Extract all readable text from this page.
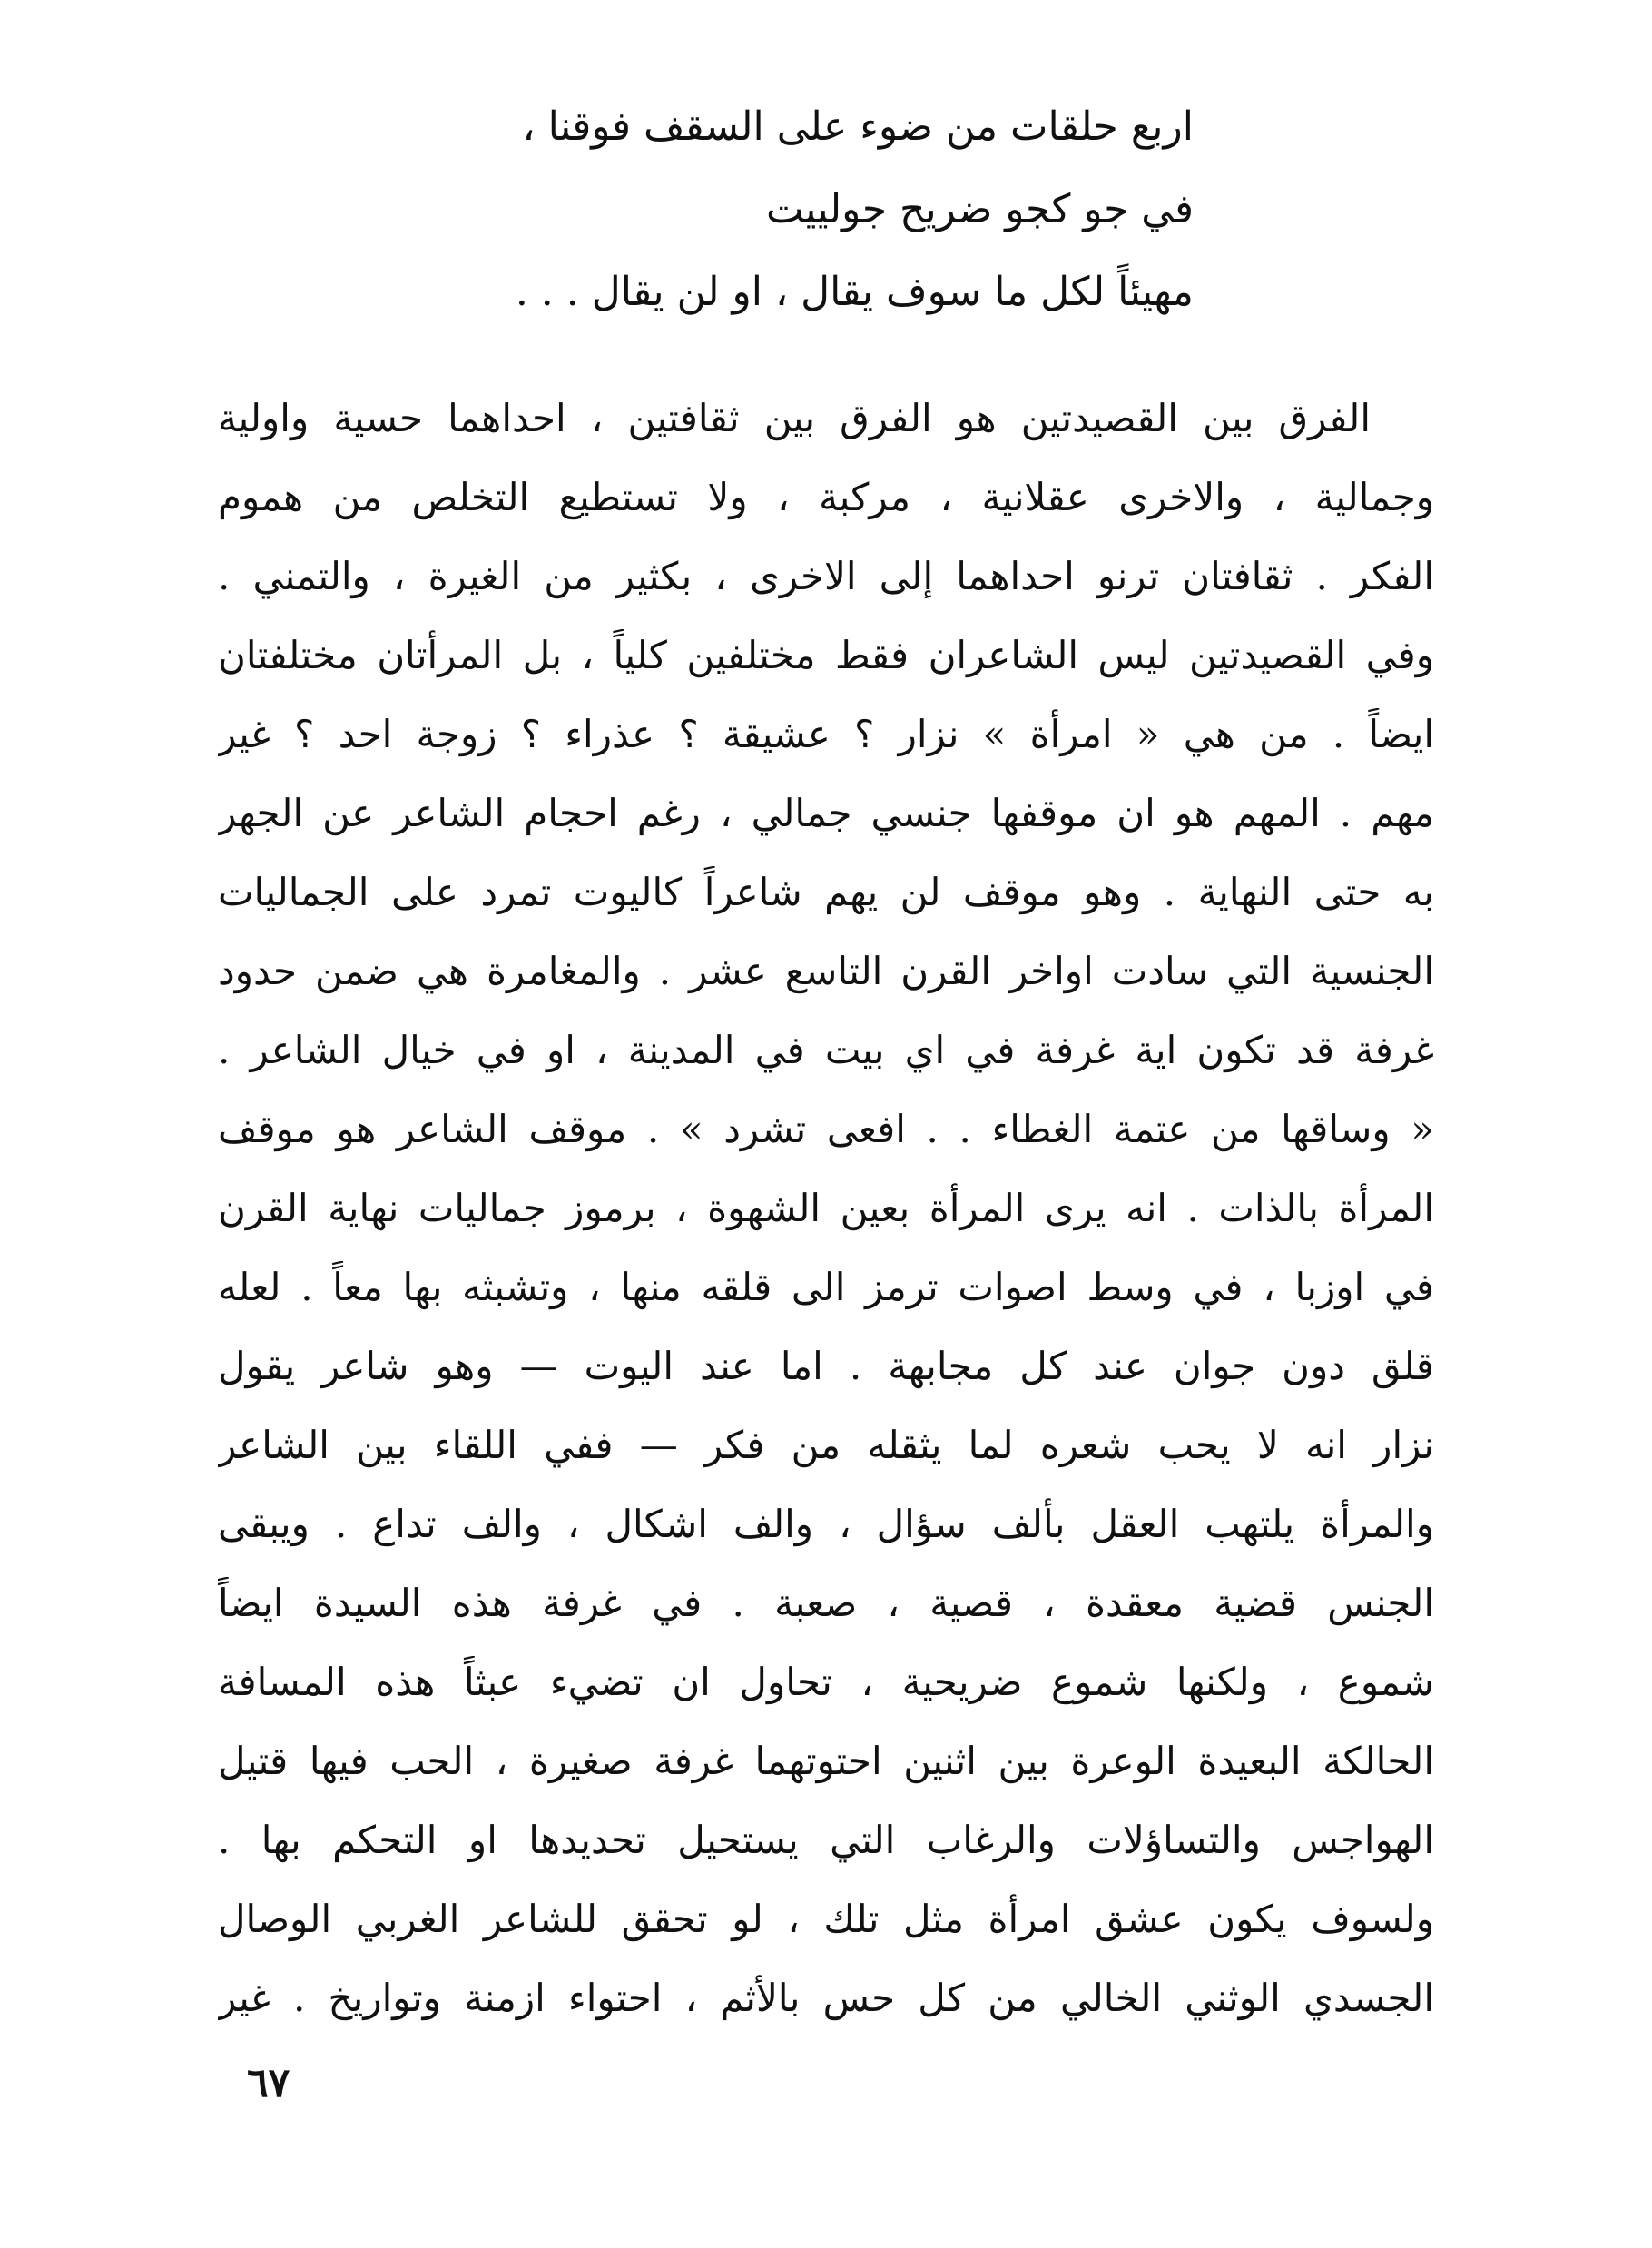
اربع حلقات من ضوء على السقف فوقنا ،
في جو كجو ضريح جولييت
مهيئاً لكل ما سوف يقال ، او لن يقال . . .
الفرق بين القصيدتين هو الفرق بين ثقافتين ، احداهما حسية واولية
وجمالية ، والاخرى عقلانية ، مركبة ، ولا تستطيع التخلص من هموم
الفكر . ثقافتان ترنو احداهما إلى الاخرى ، بكثير من الغيرة ، والتمني .
وفي القصيدتين ليس الشاعران فقط مختلفين كلياً ، بل المرأتان مختلفتان
ايضاً . من هي « امرأة » نزار ؟ عشيقة ؟ عذراء ؟ زوجة احد ؟ غير
مهم . المهم هو ان موقفها جنسي جمالي ، رغم احجام الشاعر عن الجهر
به حتى النهاية . وهو موقف لن يهم شاعراً كاليوت تمرد على الجماليات
الجنسية التي سادت اواخر القرن التاسع عشر . والمغامرة هي ضمن حدود
غرفة قد تكون اية غرفة في اي بيت في المدينة ، او في خيال الشاعر .
« وساقها من عتمة الغطاء . . افعى تشرد » . موقف الشاعر هو موقف
المرأة بالذات . انه يرى المرأة بعين الشهوة ، برموز جماليات نهاية القرن
في اوزبا ، في وسط اصوات ترمز الى قلقه منها ، وتشبثه بها معاً . لعله
قلق دون جوان عند كل مجابهة . اما عند اليوت — وهو شاعر يقول
نزار انه لا يحب شعره لما يثقله من فكر — ففي اللقاء بين الشاعر
والمرأة يلتهب العقل بألف سؤال ، والف اشكال ، والف تداع . ويبقى
الجنس قضية معقدة ، قصية ، صعبة . في غرفة هذه السيدة ايضاً
شموع ، ولكنها شموع ضريحية ، تحاول ان تضيء عبثاً هذه المسافة
الحالكة البعيدة الوعرة بين اثنين احتوتهما غرفة صغيرة ، الحب فيها قتيل
الهواجس والتساؤلات والرغاب التي يستحيل تحديدها او التحكم بها .
ولسوف يكون عشق امرأة مثل تلك ، لو تحقق للشاعر الغربي الوصال
الجسدي الوثني الخالي من كل حس بالأثم ، احتواء ازمنة وتواريخ . غير
٦٧
